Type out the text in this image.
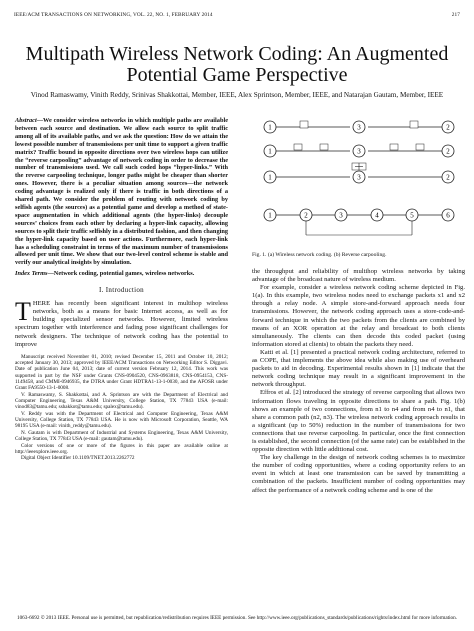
IEEE/ACM TRANSACTIONS ON NETWORKING, VOL. 22, NO. 1, FEBRUARY 2014	217
Multipath Wireless Network Coding: An Augmented Potential Game Perspective
Vinod Ramaswamy, Vinith Reddy, Srinivas Shakkottai, Member, IEEE, Alex Sprintson, Member, IEEE, and Natarajan Gautam, Member, IEEE
Abstract—We consider wireless networks in which multiple paths are available between each source and destination. We allow each source to split traffic among all of its available paths, and we ask the question: How do we attain the lowest possible number of transmissions per unit time to support a given traffic matrix? Traffic bound in opposite directions over two wireless hops can utilize the “reverse carpooling” advantage of network coding in order to decrease the number of transmissions used. We call such coded hops “hyper-links.” With the reverse carpooling technique, longer paths might be cheaper than shorter ones. However, there is a peculiar situation among sources—the network coding advantage is realized only if there is traffic in both directions of a shared path. We consider the problem of routing with network coding by selfish agents (the sources) as a potential game and develop a method of state-space augmentation in which additional agents (the hyper-links) decouple sources’ choices from each other by declaring a hyper-link capacity, allowing sources to split their traffic selfishly in a distributed fashion, and then changing the hyper-link capacity based on user actions. Furthermore, each hyper-link has a scheduling constraint in terms of the maximum number of transmissions allowed per unit time. We show that our two-level control scheme is stable and verify our analytical insights by simulation.
Index Terms—Network coding, potential games, wireless networks.
I. Introduction
THERE has recently been significant interest in multihop wireless networks, both as a means for basic Internet access, as well as for building specialized sensor networks. However, limited wireless spectrum together with interference and fading pose significant challenges for network designers. The technique of network coding has the potential to improve

Manuscript received November 01, 2010; revised December 15, 2011 and October 10, 2012; accepted January 30, 2013; approved by IEEE/ACM Transactions on Networking Editor S. Diggavi. Date of publication June 04, 2013; date of current version February 12, 2014. This work was supported in part by the NSF under Grants CNS-0904520, CNS-0963818, CNS-0954153, CNS-1149458, and CMMI-0946935, the DTRA under Grant HDTRA1-13-1-0030, and the AFOSR under Grant FA9550-13-1-0008.

V. Ramaswamy, S. Shakkottai, and A. Sprintson are with the Department of Electrical and Computer Engineering, Texas A&M University, College Station, TX 77843 USA (e-mail: vinod83@tamu.edu; sshakkot@tamu.edu; spalex@tamu.edu).

V. Reddy was with the Department of Electrical and Computer Engineering, Texas A&M University, College Station, TX 77843 USA. He is now with Microsoft Corporation, Seattle, WA 98195 USA (e-mail: vinith_reddy@tamu.edu).

N. Gautam is with Department of Industrial and Systems Engineering, Texas A&M University, College Station, TX 77843 USA (e-mail: gautam@tamu.edu).

Color versions of one or more of the figures in this paper are available online at http://ieeexplore.ieee.org.

Digital Object Identifier 10.1109/TNET.2013.2262772

1	3	2
1	3	2
1	3	2
1	2	3	4	5	6
Fig. 1. (a) Wireless network coding. (b) Reverse carpooling.

the throughput and reliability of multihop wireless networks by taking advantage of the broadcast nature of wireless medium.

For example, consider a wireless network coding scheme depicted in Fig. 1(a). In this example, two wireless nodes need to exchange packets x1 and x2 through a relay node. A simple store-and-forward approach needs four transmissions. However, the network coding approach uses a store-code-and-forward technique in which the two packets from the clients are combined by means of an XOR operation at the relay and broadcast to both clients simultaneously. The clients can then decode this coded packet (using information stored at clients) to obtain the packets they need.

Katti et al. [1] presented a practical network coding architecture, referred to as COPE, that implements the above idea while also making use of overheard packets to aid in decoding. Experimental results shown in [1] indicate that the network coding technique may result in a significant improvement in the network throughput.

Effros et al. [2] introduced the strategy of reverse carpooling that allows two information flows traveling in opposite directions to share a path. Fig. 1(b) shows an example of two connections, from n1 to n4 and from n4 to n1, that share a common path (n2, n3). The wireless network coding approach results in a significant (up to 50%) reduction in the number of transmissions for two connections that use reverse carpooling. In particular, once the first connection is established, the second connection (of the same rate) can be established in the opposite direction with little additional cost.

The key challenge in the design of network coding schemes is to maximize the number of coding opportunities, where a coding opportunity refers to an event in which at least one transmission can be saved by transmitting a combination of the packets. Insufficient number of coding opportunities may affect the performance of a network coding scheme and is one of the

1063-6692 © 2013 IEEE. Personal use is permitted, but republication/redistribution requires IEEE permission. See http://www.ieee.org/publications_standards/publications/rights/index.html for more information.
